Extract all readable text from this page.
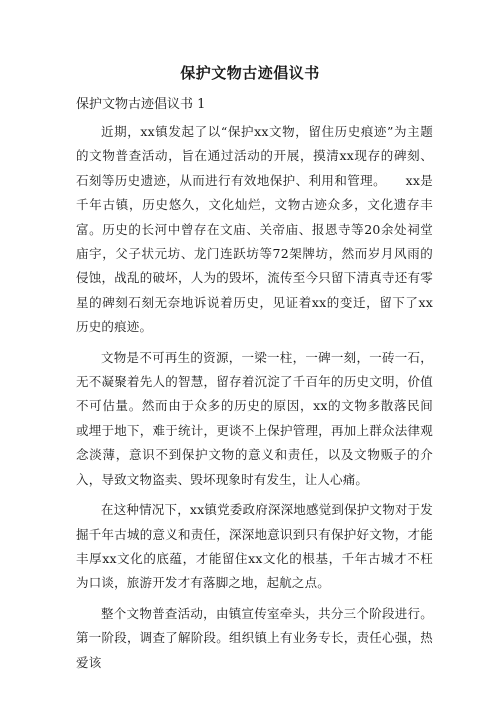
保护文物古迹倡议书
保护文物古迹倡议书 1

近期，xx镇发起了以“保护xx文物，留住历史痕迹”为主题的文物普查活动，旨在通过活动的开展，摸清xx现存的碑刻、石刻等历史遗迹，从而进行有效地保护、利用和管理。　　xx是千年古镇，历史悠久，文化灿烂，文物古迹众多，文化遗存丰富。历史的长河中曾存在文庙、关帝庙、报恩寺等20余处祠堂庙宇，父子状元坊、龙门连跃坊等72架牌坊，然而岁月风雨的侵蚀，战乱的破坏，人为的毁坏，流传至今只留下清真寺还有零星的碑刻石刻无奈地诉说着历史，见证着xx的变迁，留下了xx历史的痕迹。

文物是不可再生的资源，一梁一柱，一碑一刻，一砖一石，无不凝聚着先人的智慧，留存着沉淀了千百年的历史文明，价值不可估量。然而由于众多的历史的原因，xx的文物多散落民间或埋于地下，难于统计，更谈不上保护管理，再加上群众法律观念淡薄，意识不到保护文物的意义和责任，以及文物贩子的介入，导致文物盗卖、毁坏现象时有发生，让人心痛。

在这种情况下，xx镇党委政府深深地感觉到保护文物对于发掘千年古城的意义和责任，深深地意识到只有保护好文物，才能丰厚xx文化的底蕴，才能留住xx文化的根基，千年古城才不枉为口谈，旅游开发才有落脚之地，起航之点。

整个文物普查活动，由镇宣传室牵头，共分三个阶段进行。第一阶段，调查了解阶段。组织镇上有业务专长，责任心强，热爱该
